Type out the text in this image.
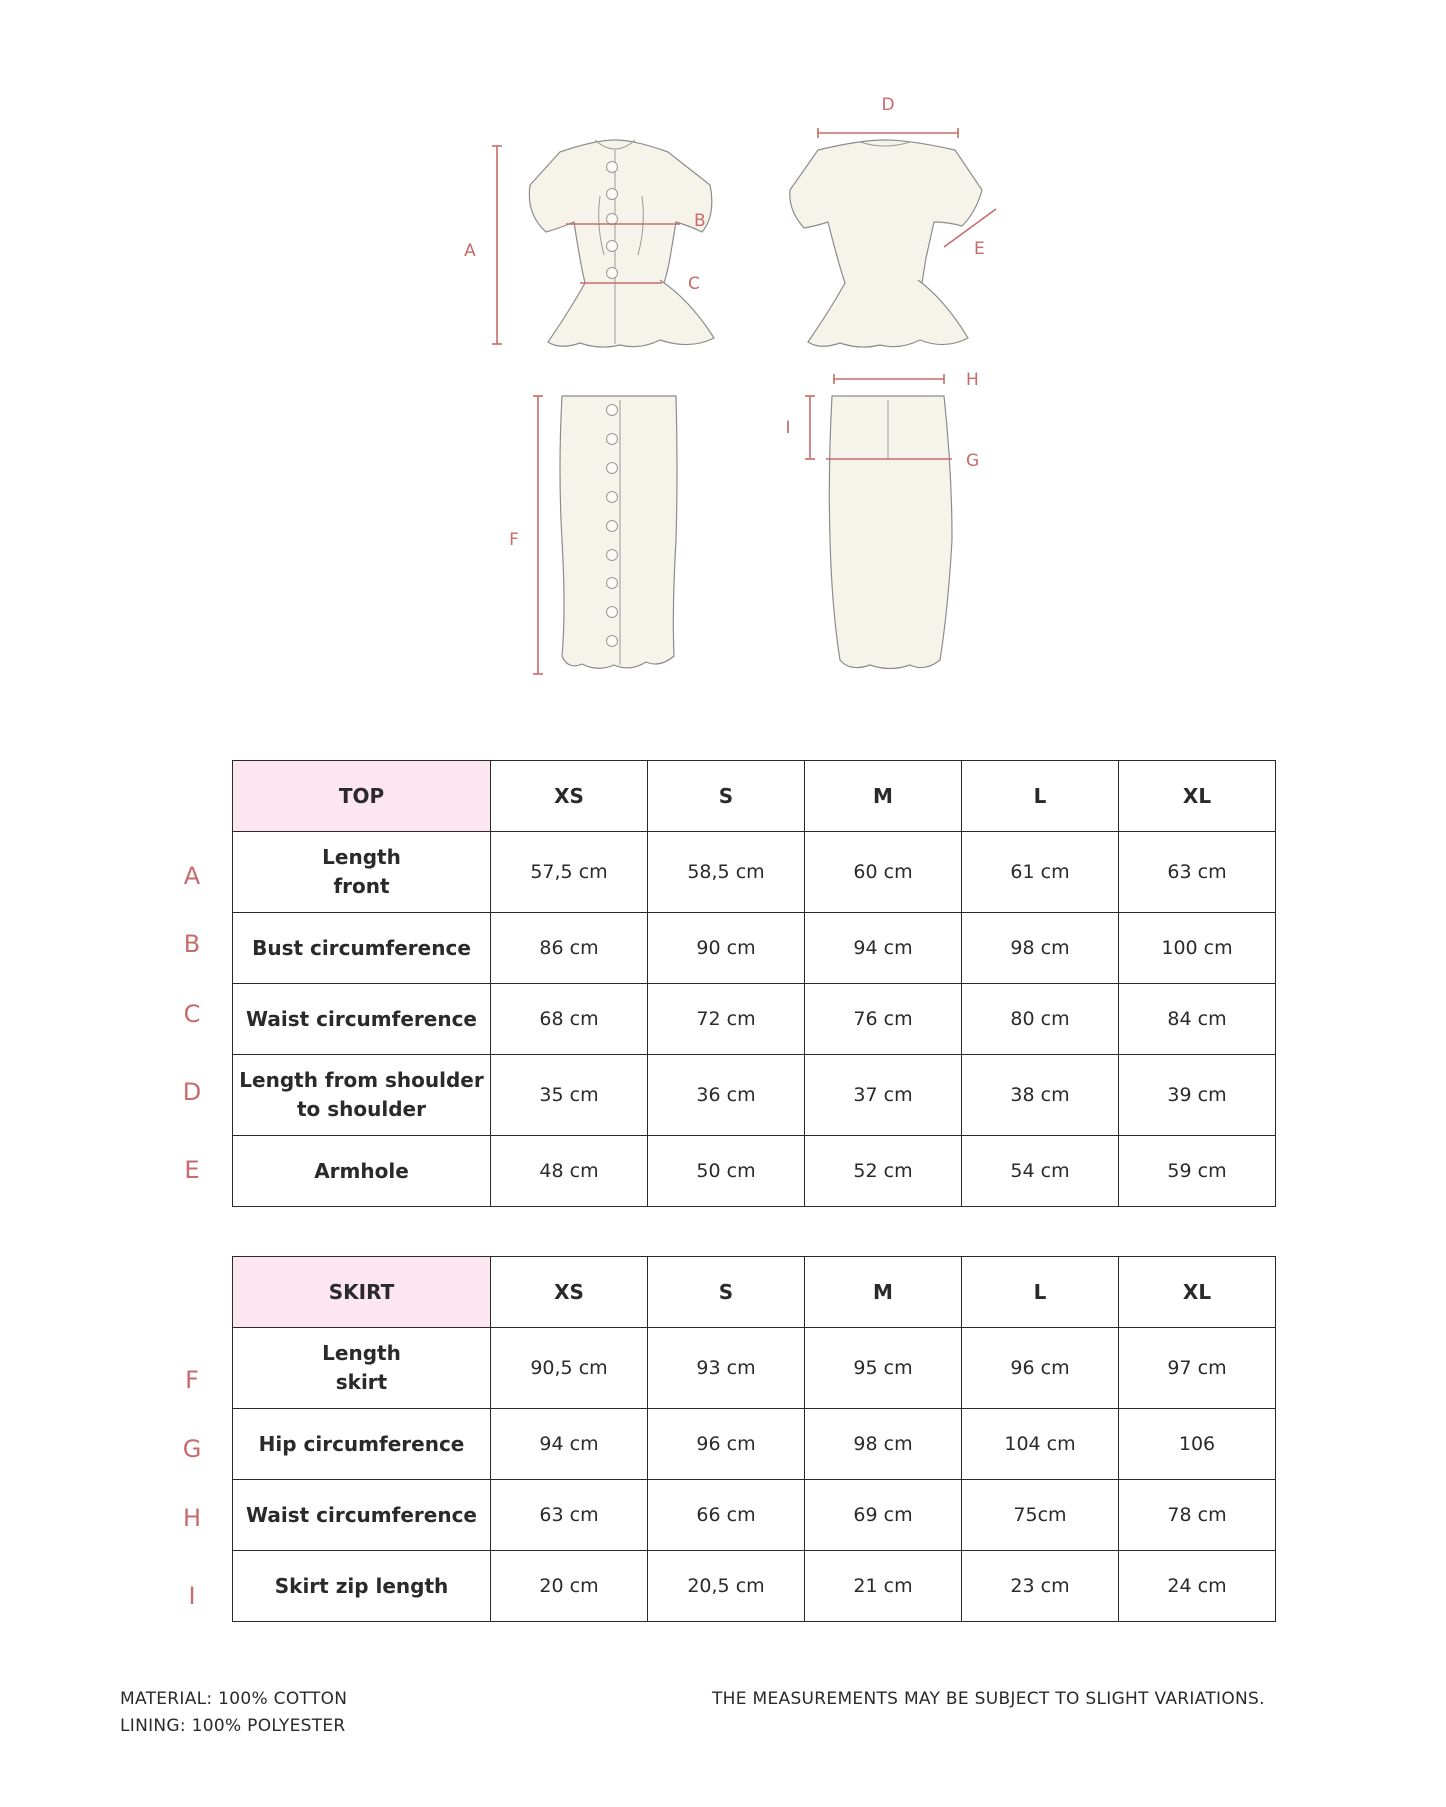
A
B
C
D
E
F
G
H
I
A
B
C
D
E
TOP	XS	S	M	L	XL
Length
front	57,5 cm	58,5 cm	60 cm	61 cm	63 cm
Bust circumference	86 cm	90 cm	94 cm	98 cm	100 cm
Waist circumference	68 cm	72 cm	76 cm	80 cm	84 cm
Length from shoulder
to shoulder	35 cm	36 cm	37 cm	38 cm	39 cm
Armhole	48 cm	50 cm	52 cm	54 cm	59 cm
F
G
H
I
SKIRT	XS	S	M	L	XL
Length
skirt	90,5 cm	93 cm	95 cm	96 cm	97 cm
Hip circumference	94 cm	96 cm	98 cm	104 cm	106
Waist circumference	63 cm	66 cm	69 cm	75cm	78 cm
Skirt zip length	20 cm	20,5 cm	21 cm	23 cm	24 cm
MATERIAL: 100% COTTON
LINING: 100% POLYESTER
THE MEASUREMENTS MAY BE SUBJECT TO SLIGHT VARIATIONS.
